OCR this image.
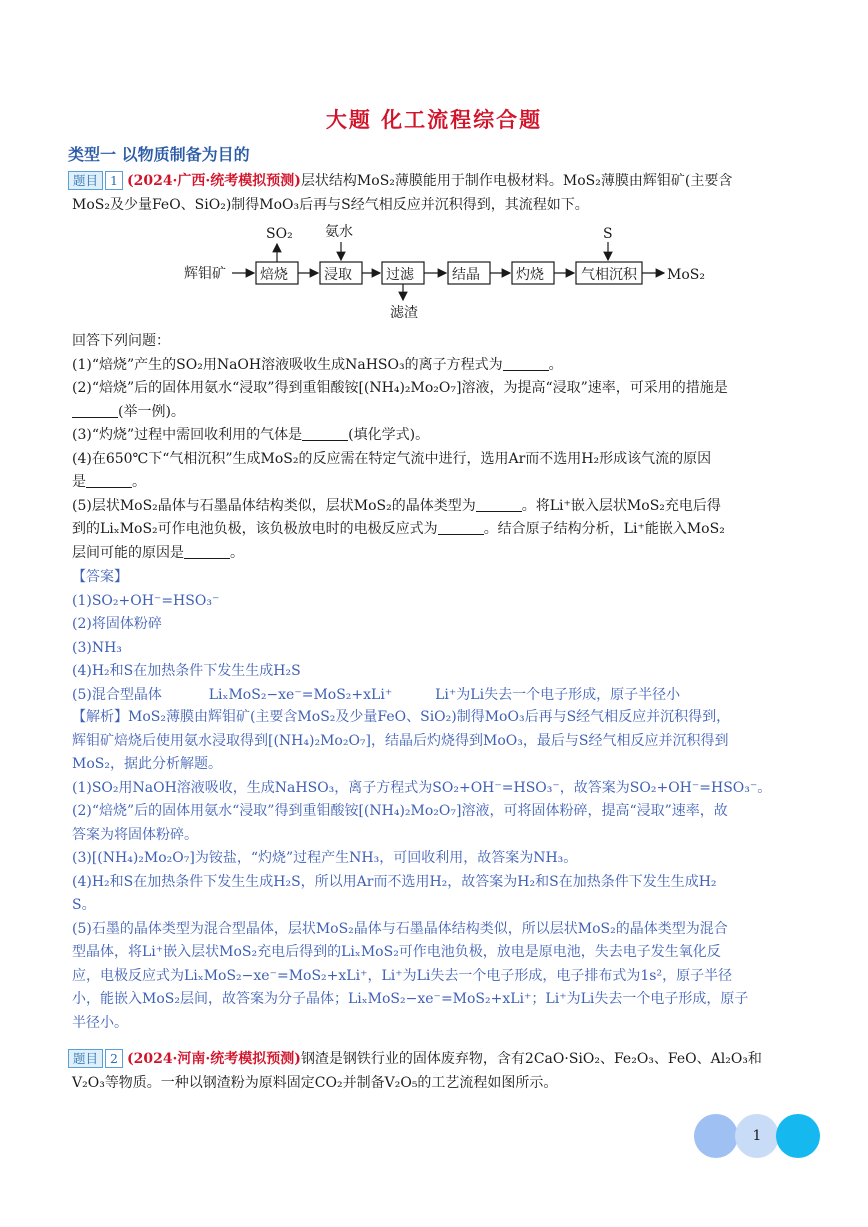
大题 化工流程综合题
类型一 以物质制备为目的
题目 1 (2024·广西·统考模拟预测)层状结构MoS₂薄膜能用于制作电极材料。MoS₂薄膜由辉钼矿(主要含
MoS₂及少量FeO、SiO₂)制得MoO₃后再与S经气相反应并沉积得到，其流程如下。
辉钼矿 焙烧
SO₂
浸取
氨水
过滤
滤渣
结晶	灼烧	气相沉积
S
MoS₂
回答下列问题：
(1)“焙烧”产生的SO₂用NaOH溶液吸收生成NaHSO₃的离子方程式为	。
(2)“焙烧”后的固体用氨水“浸取”得到重钼酸铵[(NH₄)₂Mo₂O₇]溶液，为提高“浸取”速率，可采用的措施是
(举一例)。
(3)“灼烧”过程中需回收利用的气体是	(填化学式)。
(4)在650℃下“气相沉积”生成MoS₂的反应需在特定气流中进行，选用Ar而不选用H₂形成该气流的原因
是	。
(5)层状MoS₂晶体与石墨晶体结构类似，层状MoS₂的晶体类型为	。将Li⁺嵌入层状MoS₂充电后得
到的LiₓMoS₂可作电池负极，该负极放电时的电极反应式为	。结合原子结构分析，Li⁺能嵌入MoS₂
层间可能的原因是	。
【答案】
(1)SO₂+OH⁻=HSO₃⁻
(2)将固体粉碎
(3)NH₃
(4)H₂和S在加热条件下发生生成H₂S
(5)混合型晶体	LiₓMoS₂−xe⁻=MoS₂+xLi⁺	Li⁺为Li失去一个电子形成，原子半径小
【解析】MoS₂薄膜由辉钼矿(主要含MoS₂及少量FeO、SiO₂)制得MoO₃后再与S经气相反应并沉积得到，
辉钼矿焙烧后使用氨水浸取得到[(NH₄)₂Mo₂O₇]，结晶后灼烧得到MoO₃，最后与S经气相反应并沉积得到
MoS₂，据此分析解题。
(1)SO₂用NaOH溶液吸收，生成NaHSO₃，离子方程式为SO₂+OH⁻=HSO₃⁻，故答案为SO₂+OH⁻=HSO₃⁻。
(2)“焙烧”后的固体用氨水“浸取”得到重钼酸铵[(NH₄)₂Mo₂O₇]溶液，可将固体粉碎，提高“浸取”速率，故
答案为将固体粉碎。
(3)[(NH₄)₂Mo₂O₇]为铵盐，“灼烧”过程产生NH₃，可回收利用，故答案为NH₃。
(4)H₂和S在加热条件下发生生成H₂S，所以用Ar而不选用H₂，故答案为H₂和S在加热条件下发生生成H₂
S。
(5)石墨的晶体类型为混合型晶体，层状MoS₂晶体与石墨晶体结构类似，所以层状MoS₂的晶体类型为混合
型晶体，将Li⁺嵌入层状MoS₂充电后得到的LiₓMoS₂可作电池负极，放电是原电池，失去电子发生氧化反
应，电极反应式为LiₓMoS₂−xe⁻=MoS₂+xLi⁺，Li⁺为Li失去一个电子形成，电子排布式为1s²，原子半径
小，能嵌入MoS₂层间，故答案为分子晶体；LiₓMoS₂−xe⁻=MoS₂+xLi⁺；Li⁺为Li失去一个电子形成，原子
半径小。
题目 2 (2024·河南·统考模拟预测)钢渣是钢铁行业的固体废弃物，含有2CaO·SiO₂、Fe₂O₃、FeO、Al₂O₃和
V₂O₃等物质。一种以钢渣粉为原料固定CO₂并制备V₂O₅的工艺流程如图所示。
1
